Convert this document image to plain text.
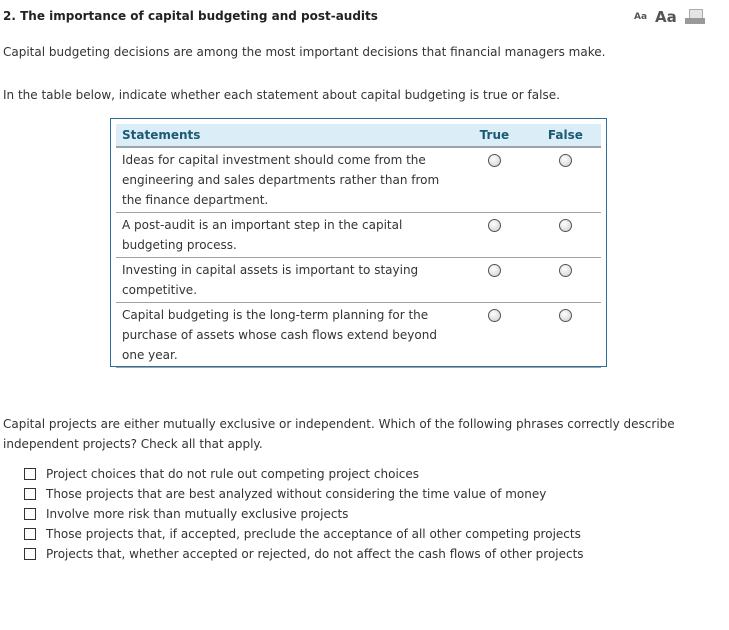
2. The importance of capital budgeting and post-audits	Aa Aa
Capital budgeting decisions are among the most important decisions that financial managers make.
In the table below, indicate whether each statement about capital budgeting is true or false.
Statements	True	False
Ideas for capital investment should come from the engineering and sales departments rather than from the finance department.		
A post-audit is an important step in the capital budgeting process.		
Investing in capital assets is important to staying competitive.		
Capital budgeting is the long-term planning for the purchase of assets whose cash flows extend beyond one year.		
Capital projects are either mutually exclusive or independent. Which of the following phrases correctly describe independent projects? Check all that apply.
Project choices that do not rule out competing project choices
Those projects that are best analyzed without considering the time value of money
Involve more risk than mutually exclusive projects
Those projects that, if accepted, preclude the acceptance of all other competing projects
Projects that, whether accepted or rejected, do not affect the cash flows of other projects
